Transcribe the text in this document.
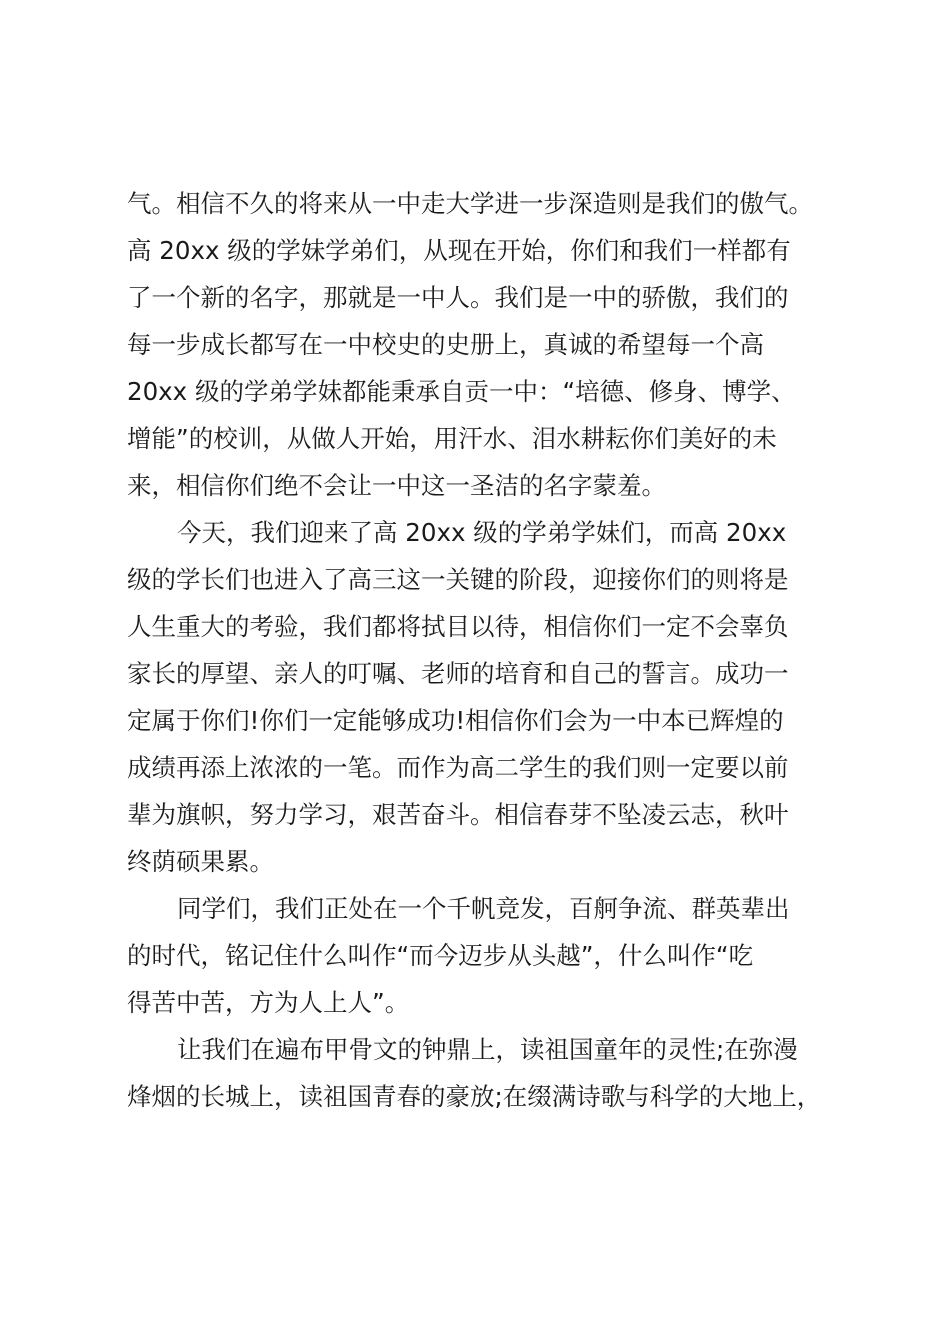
气。相信不久的将来从一中走大学进一步深造则是我们的傲气。
高 20xx 级的学妹学弟们，从现在开始，你们和我们一样都有
了一个新的名字，那就是一中人。我们是一中的骄傲，我们的
每一步成长都写在一中校史的史册上，真诚的希望每一个高
20xx 级的学弟学妹都能秉承自贡一中：“培德、修身、博学、
增能”的校训，从做人开始，用汗水、泪水耕耘你们美好的未
来，相信你们绝不会让一中这一圣洁的名字蒙羞。
今天，我们迎来了高 20xx 级的学弟学妹们，而高 20xx
级的学长们也进入了高三这一关键的阶段，迎接你们的则将是
人生重大的考验，我们都将拭目以待，相信你们一定不会辜负
家长的厚望、亲人的叮嘱、老师的培育和自己的誓言。成功一
定属于你们!你们一定能够成功!相信你们会为一中本已辉煌的
成绩再添上浓浓的一笔。而作为高二学生的我们则一定要以前
辈为旗帜，努力学习，艰苦奋斗。相信春芽不坠凌云志，秋叶
终荫硕果累。
同学们，我们正处在一个千帆竞发，百舸争流、群英辈出
的时代，铭记住什么叫作“而今迈步从头越”，什么叫作“吃
得苦中苦，方为人上人”。
让我们在遍布甲骨文的钟鼎上，读祖国童年的灵性;在弥漫
烽烟的长城上，读祖国青春的豪放;在缀满诗歌与科学的大地上，
